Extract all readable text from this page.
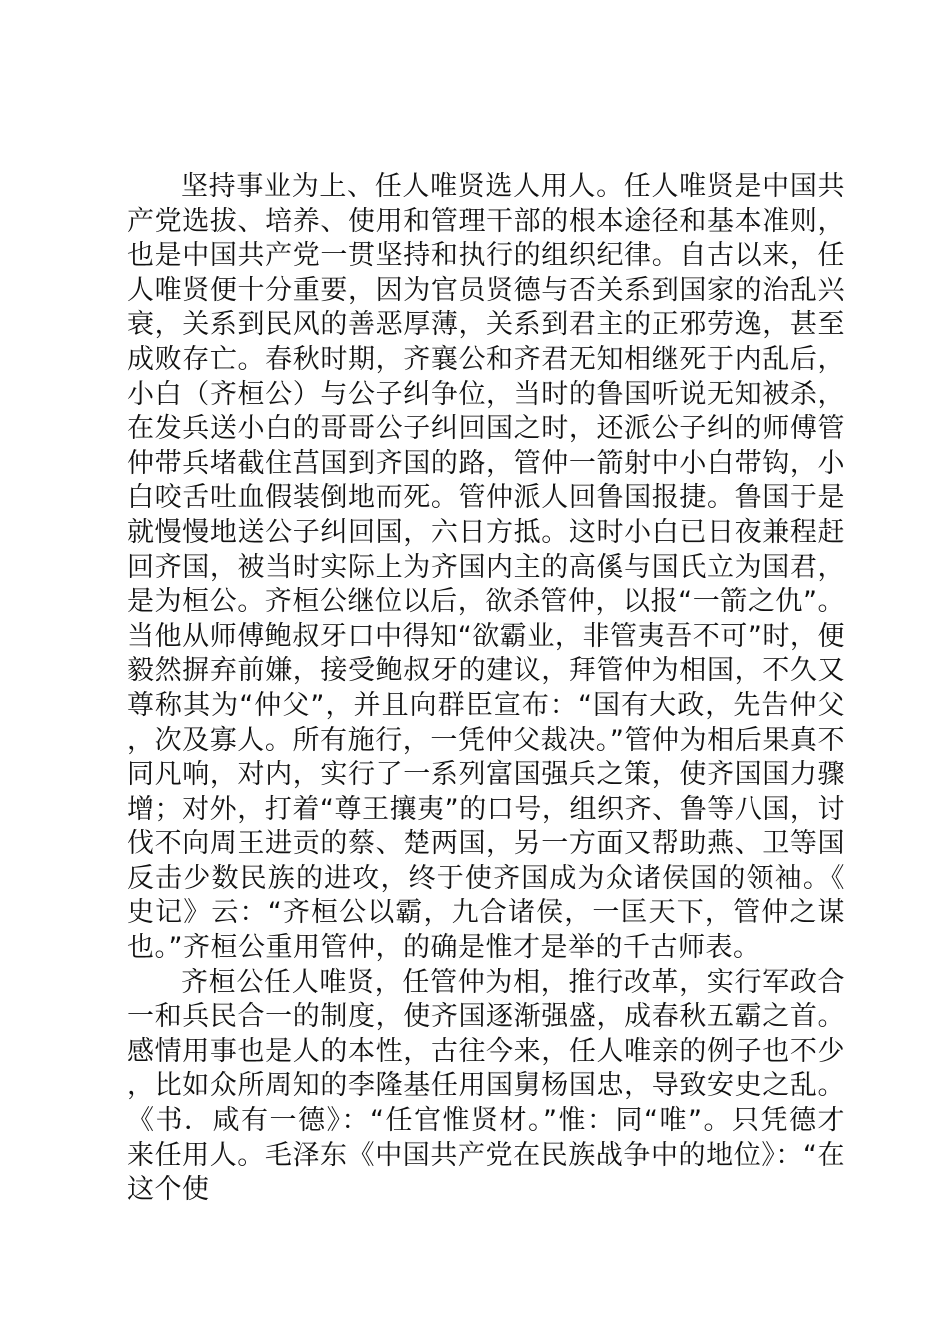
坚持事业为上、任人唯贤选人用人。任人唯贤是中国共产党选拔、培养、使用和管理干部的根本途径和基本准则，也是中国共产党一贯坚持和执行的组织纪律。自古以来，任人唯贤便十分重要，因为官员贤德与否关系到国家的治乱兴衰，关系到民风的善恶厚薄，关系到君主的正邪劳逸，甚至成败存亡。春秋时期，齐襄公和齐君无知相继死于内乱后，小白（齐桓公）与公子纠争位，当时的鲁国听说无知被杀，在发兵送小白的哥哥公子纠回国之时，还派公子纠的师傅管仲带兵堵截住莒国到齐国的路，管仲一箭射中小白带钩，小白咬舌吐血假装倒地而死。管仲派人回鲁国报捷。鲁国于是就慢慢地送公子纠回国，六日方抵。这时小白已日夜兼程赶回齐国，被当时实际上为齐国内主的高傒与国氏立为国君，是为桓公。齐桓公继位以后，欲杀管仲，以报“一箭之仇”。当他从师傅鲍叔牙口中得知“欲霸业，非管夷吾不可”时，便毅然摒弃前嫌，接受鲍叔牙的建议，拜管仲为相国，不久又尊称其为“仲父”，并且向群臣宣布：“国有大政，先告仲父，次及寡人。所有施行，一凭仲父裁决。”管仲为相后果真不同凡响，对内，实行了一系列富国强兵之策，使齐国国力骤增；对外，打着“尊王攘夷”的口号，组织齐、鲁等八国，讨伐不向周王进贡的蔡、楚两国，另一方面又帮助燕、卫等国反击少数民族的进攻，终于使齐国成为众诸侯国的领袖。《史记》云：“齐桓公以霸，九合诸侯，一匡天下，管仲之谋也。”齐桓公重用管仲，的确是惟才是举的千古师表。

齐桓公任人唯贤，任管仲为相，推行改革，实行军政合一和兵民合一的制度，使齐国逐渐强盛，成春秋五霸之首。感情用事也是人的本性，古往今来，任人唯亲的例子也不少，比如众所周知的李隆基任用国舅杨国忠，导致安史之乱。《书．咸有一德》：“任官惟贤材。”惟：同“唯”。只凭德才来任用人。毛泽东《中国共产党在民族战争中的地位》：“在这个使
